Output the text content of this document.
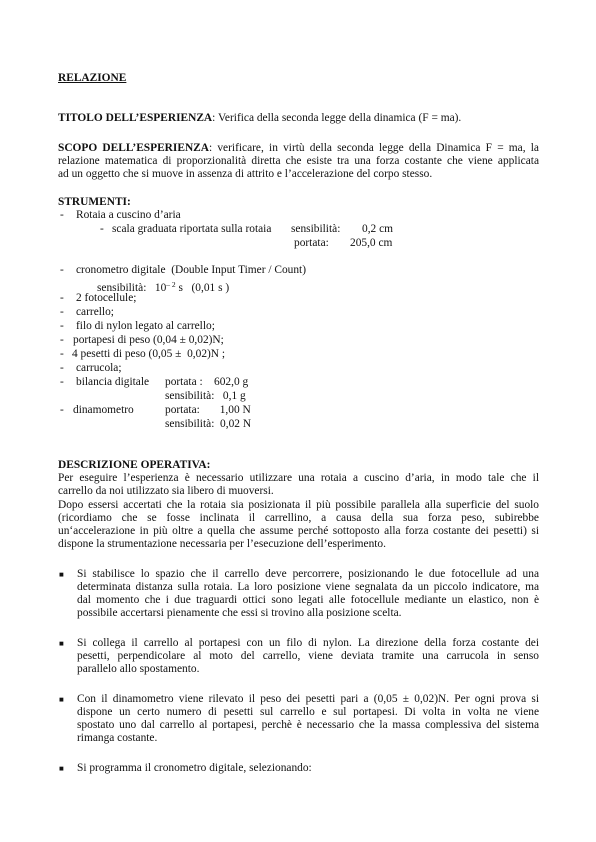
RELAZIONE
TITOLO DELL’ESPERIENZA: Verifica della seconda legge della dinamica (F = ma).
SCOPO DELL’ESPERIENZA: verificare, in virtù della seconda legge della Dinamica F = ma, la
relazione matematica di proporzionalità diretta che esiste tra una forza costante che viene applicata
ad un oggetto che si muove in assenza di attrito e l’accelerazione del corpo stesso.
STRUMENTI:
- Rotaia a cuscino d’aria
- scala graduata riportata sulla rotaia sensibilità: 0,2 cm
portata: 205,0 cm
- cronometro digitale  (Double Input Timer / Count)
sensibilità: $10^{- 2}$ s   (0,01 s )
- 2 fotocellule;
- carrello;
- filo di nylon legato al carrello;
- portapesi di peso (0,04 ± 0,02)N;
- 4 pesetti di peso (0,05 ±  0,02)N ;
- carrucola;
- bilancia digitale portata :    602,0 g
sensibilità:   0,1 g
- dinamometro	portata:       1,00 N
sensibilità:  0,02 N
DESCRIZIONE OPERATIVA:
Per eseguire l’esperienza è necessario utilizzare una rotaia a cuscino d’aria, in modo tale che il
carrello da noi utilizzato sia libero di muoversi.
Dopo essersi accertati che la rotaia sia posizionata il più possibile parallela alla superficie del suolo
(ricordiamo che se fosse inclinata il carrellino, a causa della sua forza peso, subirebbe
un‘accelerazione in più oltre a quella che assume perché sottoposto alla forza costante dei pesetti) si
dispone la strumentazione necessaria per l’esecuzione dell’esperimento.
■ Si stabilisce lo spazio che il carrello deve percorrere, posizionando le due fotocellule ad una
determinata distanza sulla rotaia. La loro posizione viene segnalata da un piccolo indicatore, ma
dal momento che i due traguardi ottici sono legati alle fotocellule mediante un elastico, non è
possibile accertarsi pienamente che essi si trovino alla posizione scelta.
■ Si collega il carrello al portapesi con un filo di nylon. La direzione della forza costante dei
pesetti, perpendicolare al moto del carrello, viene deviata tramite una carrucola in senso
parallelo allo spostamento.
■ Con il dinamometro viene rilevato il peso dei pesetti pari a (0,05 ± 0,02)N. Per ogni prova si
dispone un certo numero di pesetti sul carrello e sul portapesi. Di volta in volta ne viene
spostato uno dal carrello al portapesi, perchè è necessario che la massa complessiva del sistema
rimanga costante.
■ Si programma il cronometro digitale, selezionando:
